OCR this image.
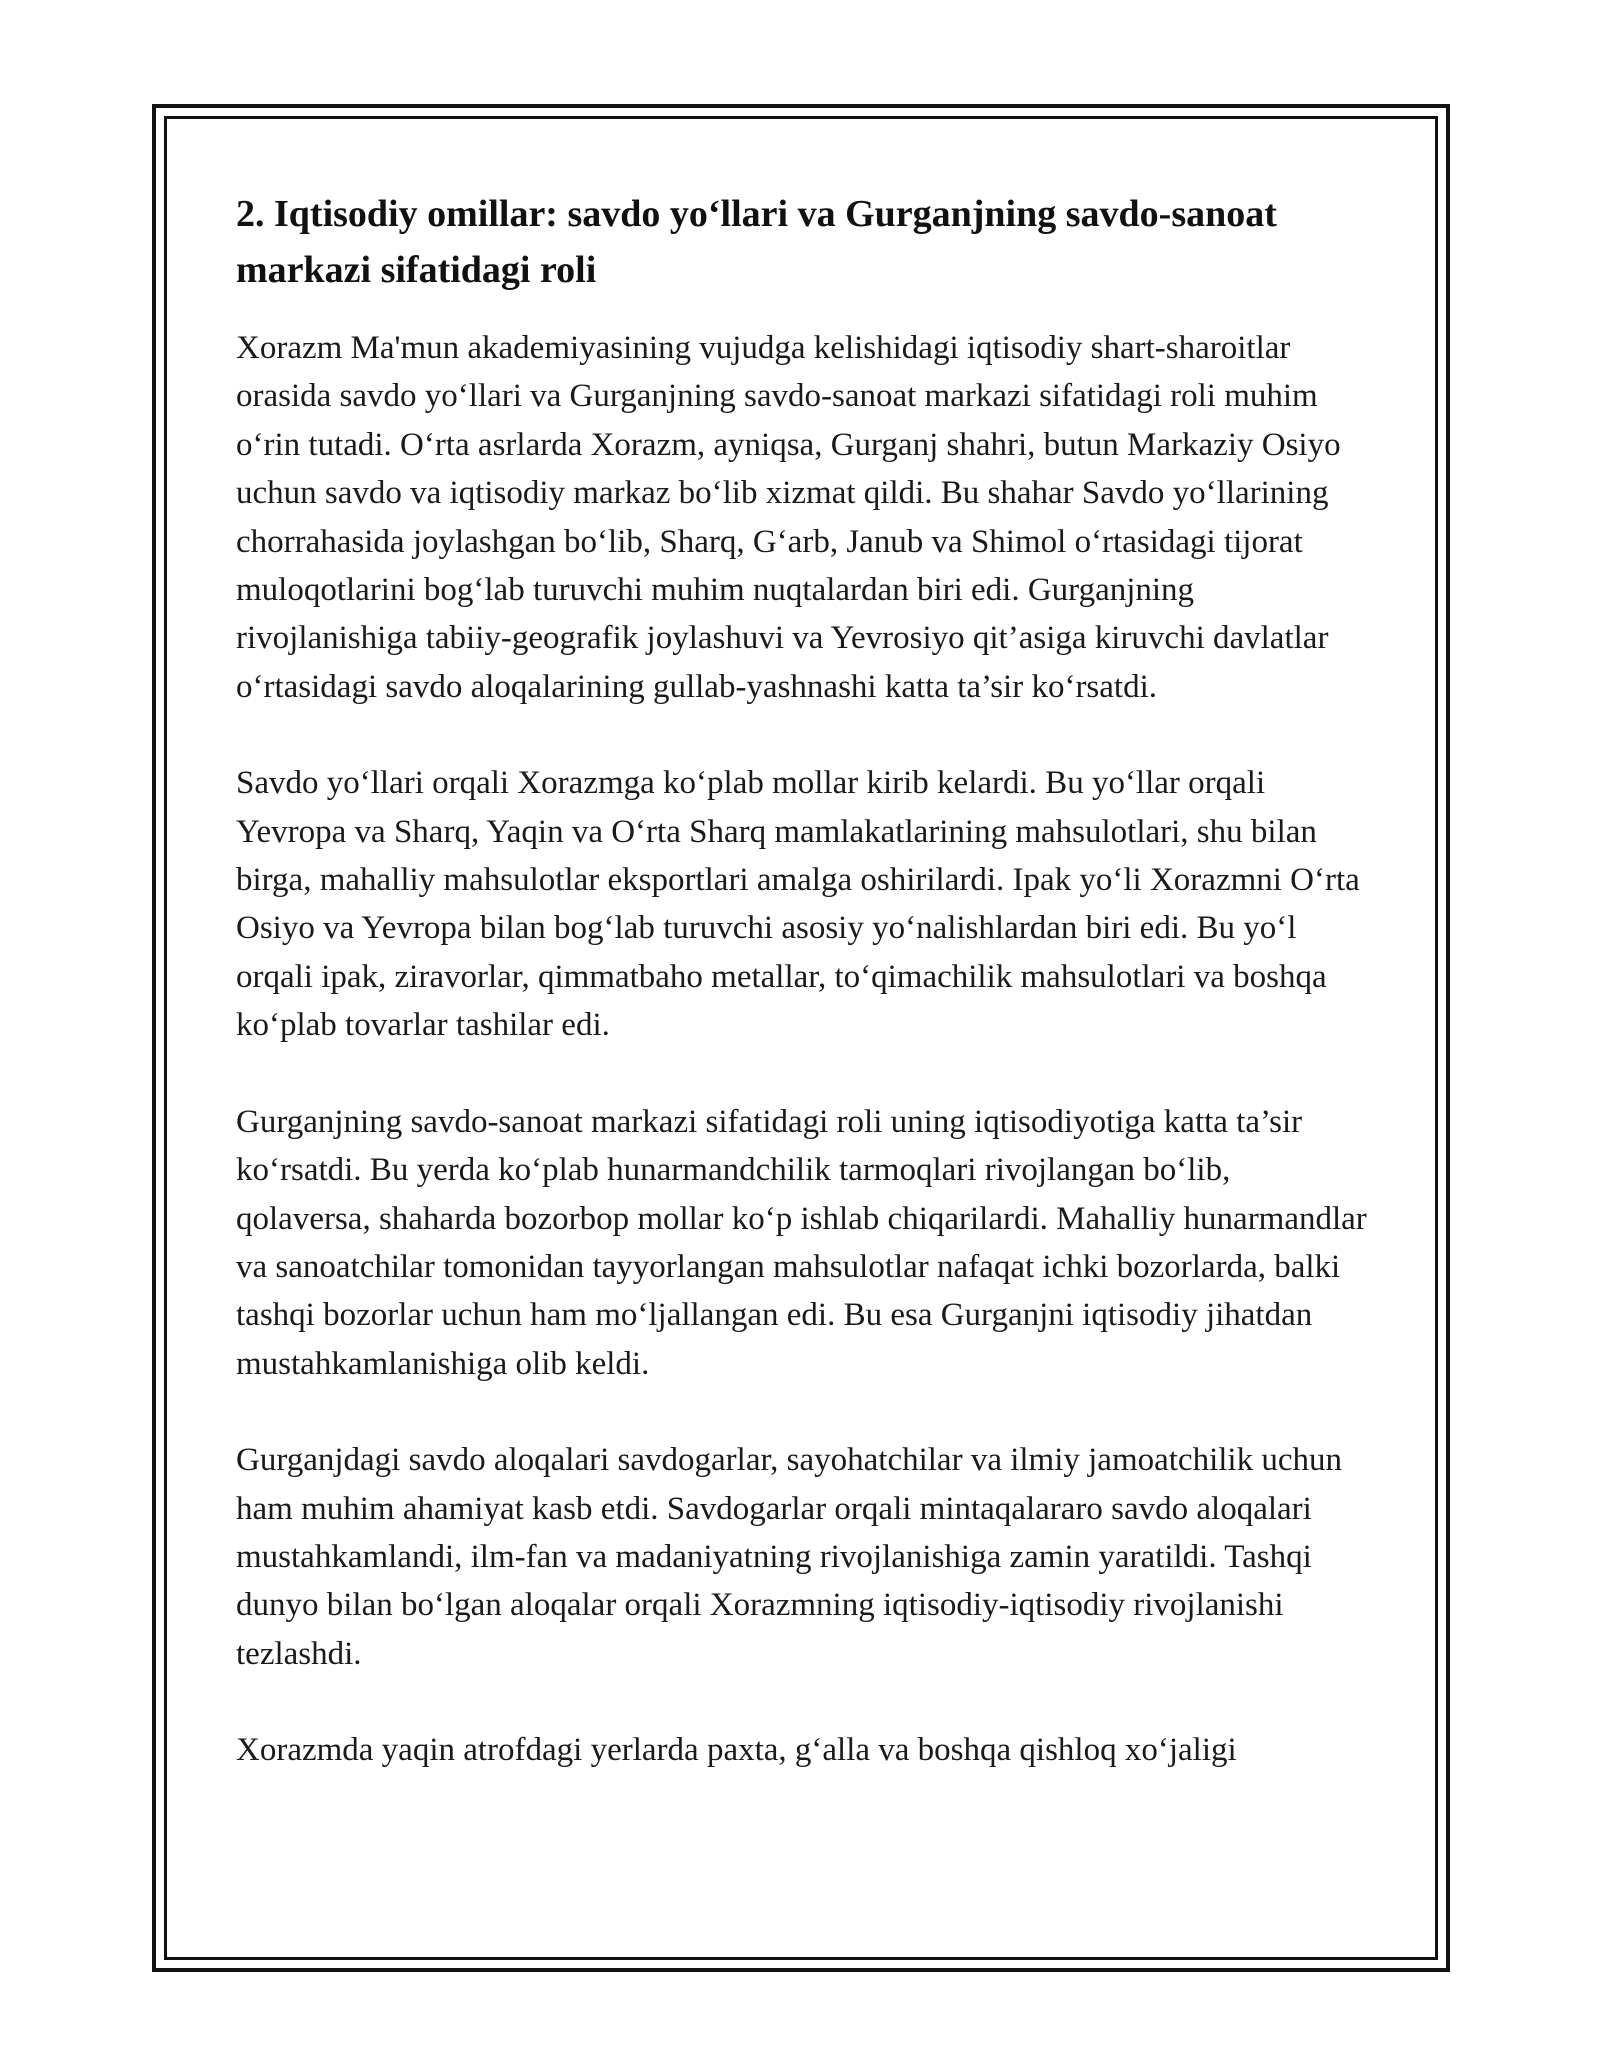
2. Iqtisodiy omillar: savdo yo‘llari va Gurganjning savdo-sanoat markazi sifatidagi roli

Xorazm Ma'mun akademiyasining vujudga kelishidagi iqtisodiy shart-sharoitlar orasida savdo yo‘llari va Gurganjning savdo-sanoat markazi sifatidagi roli muhim o‘rin tutadi. O‘rta asrlarda Xorazm, ayniqsa, Gurganj shahri, butun Markaziy Osiyo uchun savdo va iqtisodiy markaz bo‘lib xizmat qildi. Bu shahar Savdo yo‘llarining chorrahasida joylashgan bo‘lib, Sharq, G‘arb, Janub va Shimol o‘rtasidagi tijorat muloqotlarini bog‘lab turuvchi muhim nuqtalardan biri edi. Gurganjning rivojlanishiga tabiiy-geografik joylashuvi va Yevrosiyo qit’asiga kiruvchi davlatlar o‘rtasidagi savdo aloqalarining gullab-yashnashi katta ta’sir ko‘rsatdi.

Savdo yo‘llari orqali Xorazmga ko‘plab mollar kirib kelardi. Bu yo‘llar orqali Yevropa va Sharq, Yaqin va O‘rta Sharq mamlakatlarining mahsulotlari, shu bilan birga, mahalliy mahsulotlar eksportlari amalga oshirilardi. Ipak yo‘li Xorazmni O‘rta Osiyo va Yevropa bilan bog‘lab turuvchi asosiy yo‘nalishlardan biri edi. Bu yo‘l orqali ipak, ziravorlar, qimmatbaho metallar, to‘qimachilik mahsulotlari va boshqa ko‘plab tovarlar tashilar edi.

Gurganjning savdo-sanoat markazi sifatidagi roli uning iqtisodiyotiga katta ta’sir ko‘rsatdi. Bu yerda ko‘plab hunarmandchilik tarmoqlari rivojlangan bo‘lib, qolaversa, shaharda bozorbop mollar ko‘p ishlab chiqarilardi. Mahalliy hunarmandlar va sanoatchilar tomonidan tayyorlangan mahsulotlar nafaqat ichki bozorlarda, balki tashqi bozorlar uchun ham mo‘ljallangan edi. Bu esa Gurganjni iqtisodiy jihatdan mustahkamlanishiga olib keldi.

Gurganjdagi savdo aloqalari savdogarlar, sayohatchilar va ilmiy jamoatchilik uchun ham muhim ahamiyat kasb etdi. Savdogarlar orqali mintaqalararo savdo aloqalari mustahkamlandi, ilm-fan va madaniyatning rivojlanishiga zamin yaratildi. Tashqi dunyo bilan bo‘lgan aloqalar orqali Xorazmning iqtisodiy-iqtisodiy rivojlanishi tezlashdi.

Xorazmda yaqin atrofdagi yerlarda paxta, g‘alla va boshqa qishloq xo‘jaligi
